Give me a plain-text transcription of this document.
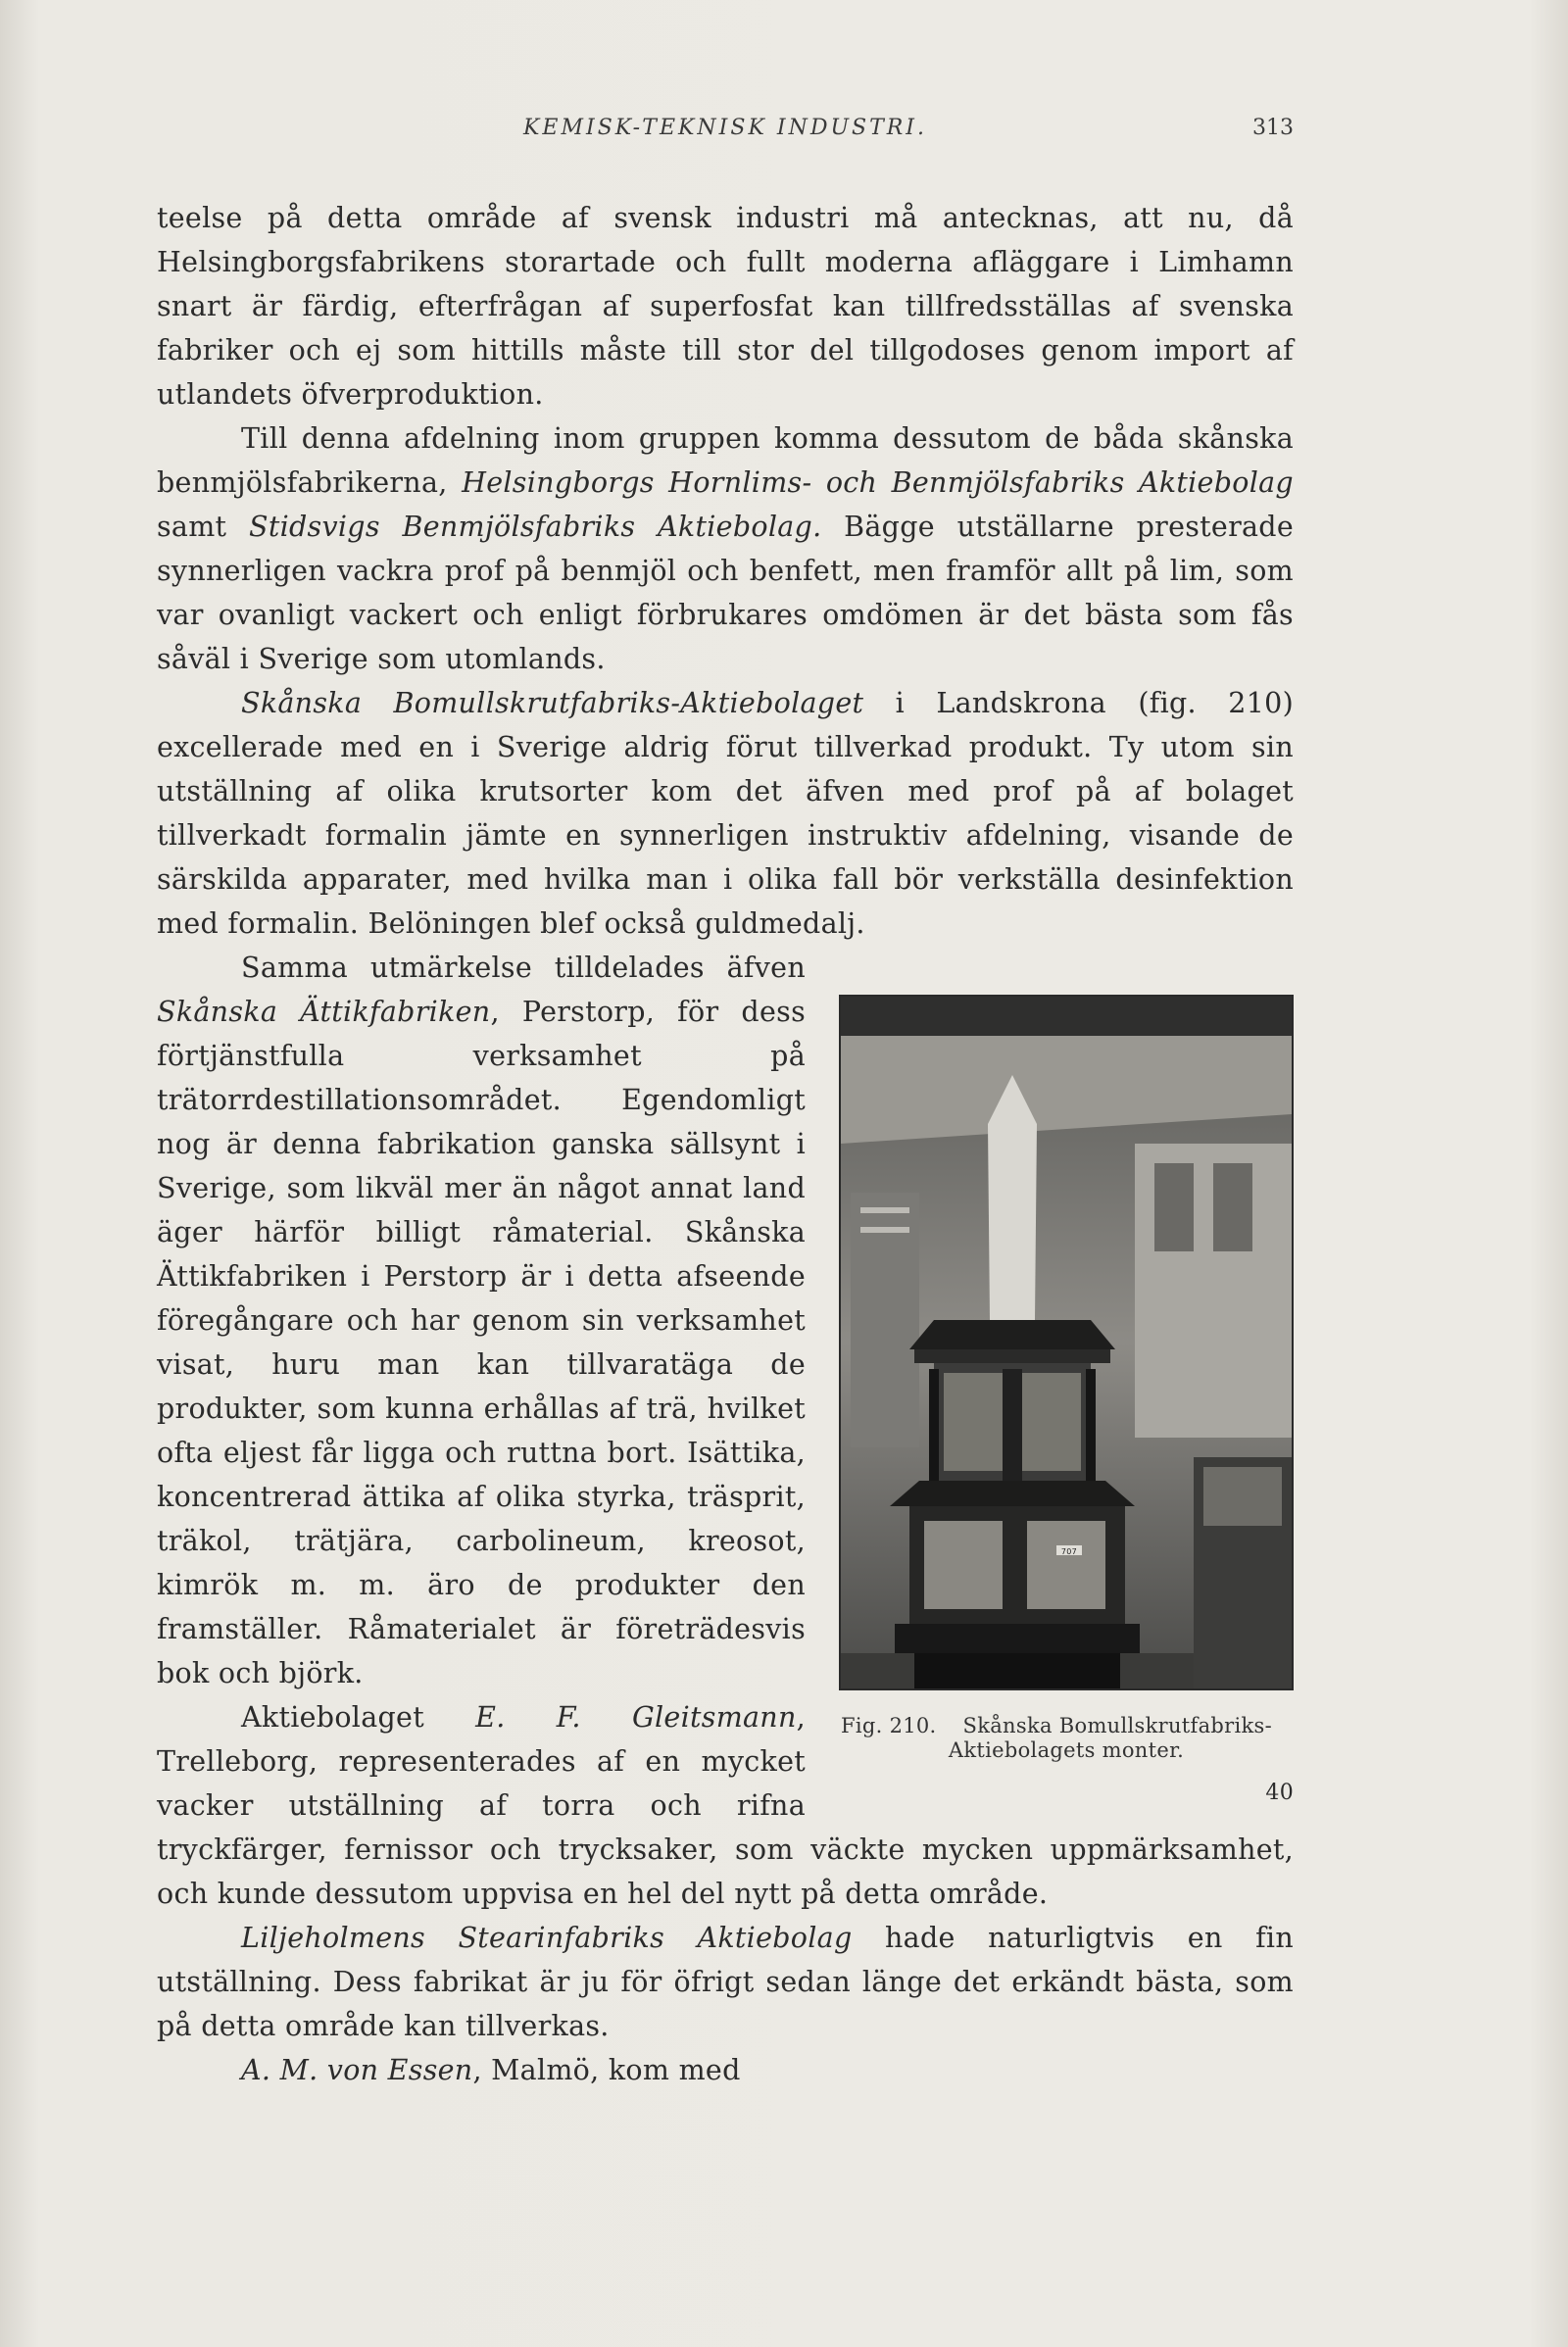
KEMISK-TEKNISK INDUSTRI.	313

teelse på detta område af svensk industri må antecknas, att nu, då Helsingborgsfabrikens storartade och fullt moderna afläggare i Limhamn snart är färdig, efterfrågan af superfosfat kan tillfredsställas af svenska fabriker och ej som hittills måste till stor del tillgodoses genom import af utlandets öfverproduktion.

Till denna afdelning inom gruppen komma dessutom de båda skånska benmjölsfabrikerna, Helsingborgs Hornlims- och Benmjölsfabriks Aktiebolag samt Stidsvigs Benmjölsfabriks Aktiebolag. Bägge utställarne presterade synnerligen vackra prof på benmjöl och benfett, men framför allt på lim, som var ovanligt vackert och enligt förbrukares omdömen är det bästa som fås såväl i Sverige som utomlands.

Skånska Bomullskrutfabriks-Aktiebolaget i Landskrona (fig. 210) excellerade med en i Sverige aldrig förut tillverkad produkt. Ty utom sin utställning af olika krutsorter kom det äfven med prof på af bolaget tillverkadt formalin jämte en synnerligen instruktiv afdelning, visande de särskilda apparater, med hvilka man i olika fall bör verkställa desinfektion med formalin. Belöningen blef också guldmedalj.

707
Fig. 210. Skånska Bomullskrutfabriks-Aktiebolagets monter.
40

Samma utmärkelse tilldelades äfven Skånska Ättikfabriken, Perstorp, för dess förtjänstfulla verksamhet på trätorrdestillationsområdet. Egendomligt nog är denna fabrikation ganska sällsynt i Sverige, som likväl mer än något annat land äger härför billigt råmaterial. Skånska Ättikfabriken i Perstorp är i detta afseende föregångare och har genom sin verksamhet visat, huru man kan tillvaratäga de produkter, som kunna erhållas af trä, hvilket ofta eljest får ligga och ruttna bort. Isättika, koncentrerad ättika af olika styrka, träsprit, träkol, trätjära, carbolineum, kreosot, kimrök m. m. äro de produkter den framställer. Råmaterialet är företrädesvis bok och björk.

Aktiebolaget E. F. Gleitsmann, Trelleborg, representerades af en mycket vacker utställning af torra och rifna tryckfärger, fernissor och trycksaker, som väckte mycken uppmärksamhet, och kunde dessutom uppvisa en hel del nytt på detta område.

Liljeholmens Stearinfabriks Aktiebolag hade naturligtvis en fin utställning. Dess fabrikat är ju för öfrigt sedan länge det erkändt bästa, som på detta område kan tillverkas.

A. M. von Essen, Malmö, kom med
